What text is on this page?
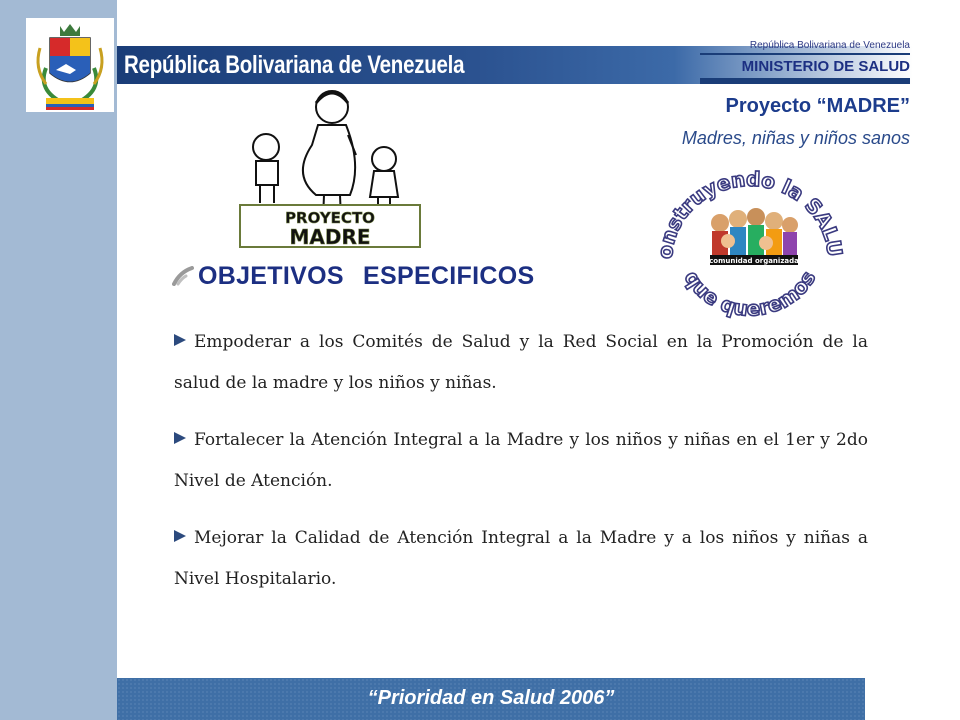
República Bolivariana de Venezuela
República Bolivariana de Venezuela
MINISTERIO DE SALUD
Proyecto “MADRE”
Madres, niñas y niños sanos
PROYECTO
MADRE
onstruyendo la SALU
que queremos
comunidad organizada
OBJETIVOS ESPECIFICOS
Empoderar a los Comités de Salud y la Red Social en la Promoción de la salud de la madre y los niños y niñas.
Fortalecer la Atención Integral a la Madre y los niños y niñas en el 1er y 2do Nivel de Atención.
Mejorar la Calidad de Atención Integral a la Madre y a los niños y niñas a Nivel Hospitalario.
“Prioridad en Salud 2006”
